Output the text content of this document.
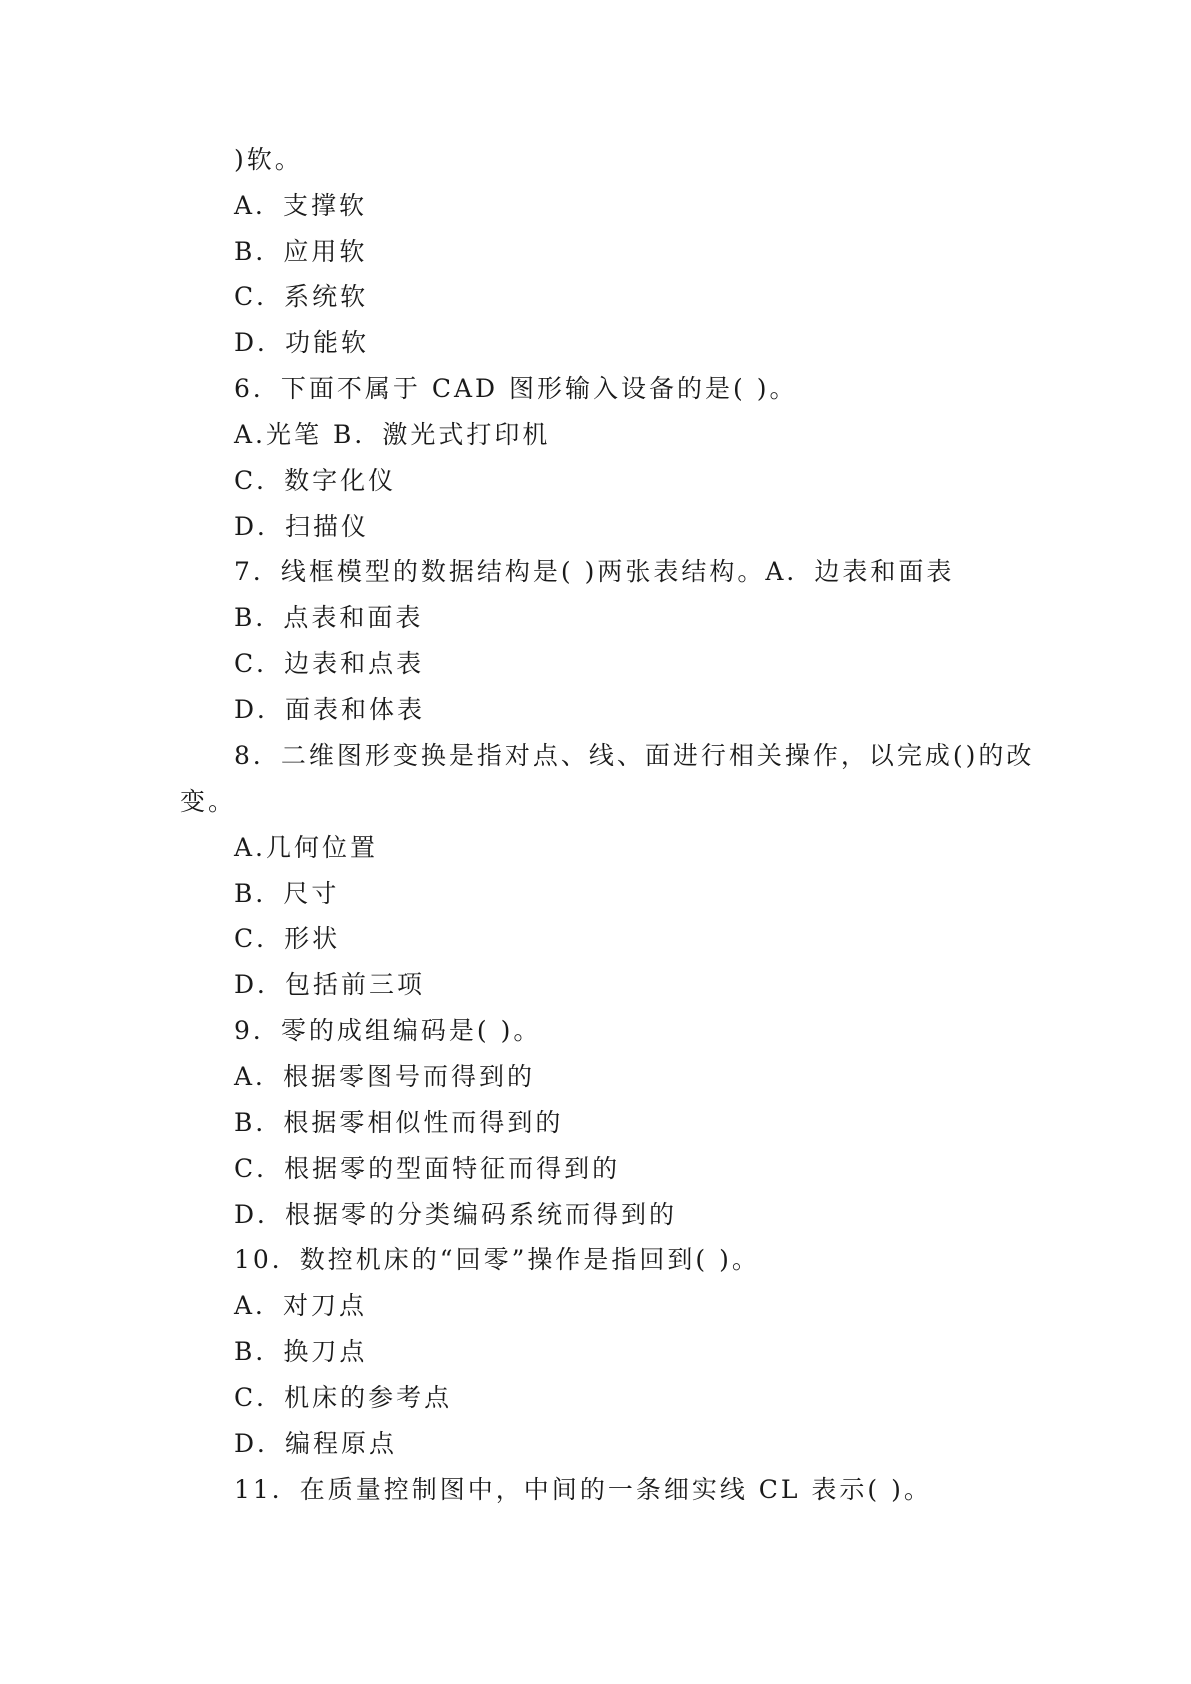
)软。
A．支撑软
B．应用软
C．系统软
D．功能软
6．下面不属于 CAD 图形输入设备的是( )。
A.光笔 B．激光式打印机
C．数字化仪
D．扫描仪
7．线框模型的数据结构是( )两张表结构。A．边表和面表
B．点表和面表
C．边表和点表
D．面表和体表
8．二维图形变换是指对点、线、面进行相关操作，以完成()的改
变。
A.几何位置
B．尺寸
C．形状
D．包括前三项
9．零的成组编码是( )。
A．根据零图号而得到的
B．根据零相似性而得到的
C．根据零的型面特征而得到的
D．根据零的分类编码系统而得到的
10．数控机床的“回零”操作是指回到( )。
A．对刀点
B．换刀点
C．机床的参考点
D．编程原点
11．在质量控制图中，中间的一条细实线 CL 表示( )。
